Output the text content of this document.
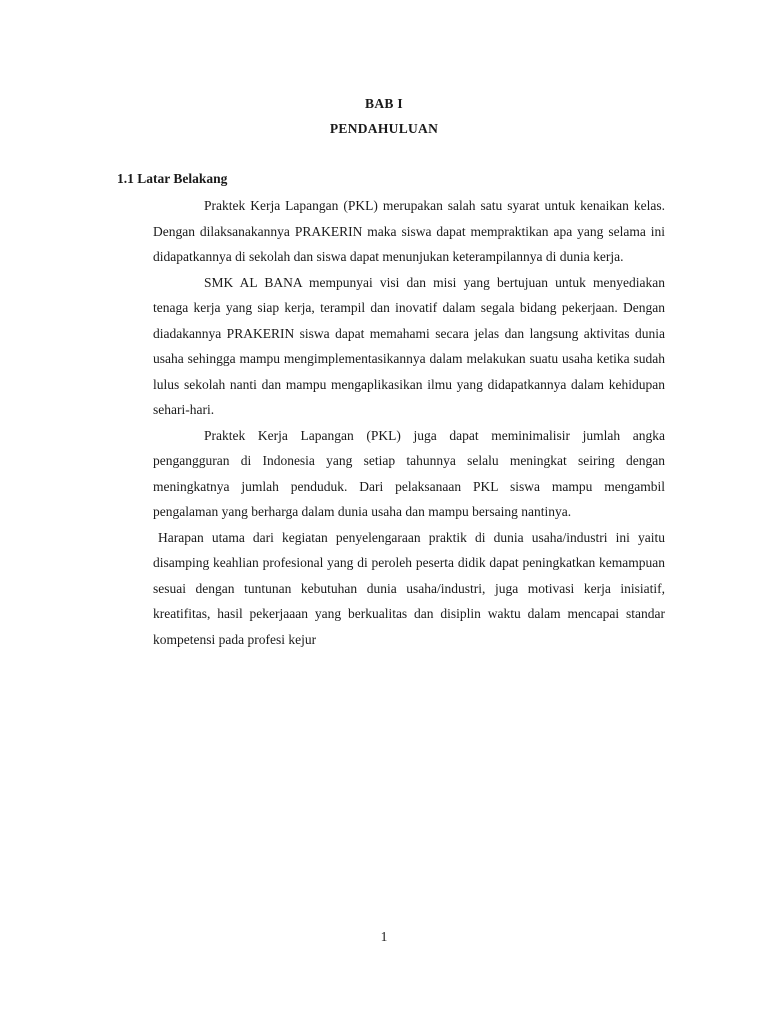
BAB I
PENDAHULUAN
1.1 Latar Belakang

Praktek Kerja Lapangan (PKL) merupakan salah satu syarat untuk kenaikan kelas. Dengan dilaksanakannya PRAKERIN maka siswa dapat mempraktikan apa yang selama ini didapatkannya di sekolah dan siswa dapat menunjukan keterampilannya di dunia kerja.

SMK AL BANA mempunyai visi dan misi yang bertujuan untuk menyediakan tenaga kerja yang siap kerja, terampil dan inovatif dalam segala bidang pekerjaan. Dengan diadakannya PRAKERIN siswa dapat memahami secara jelas dan langsung aktivitas dunia usaha sehingga mampu mengimplementasikannya dalam melakukan suatu usaha ketika sudah lulus sekolah nanti dan mampu mengaplikasikan ilmu yang didapatkannya dalam kehidupan sehari-hari.

Praktek Kerja Lapangan (PKL) juga dapat meminimalisir jumlah angka pengangguran di Indonesia yang setiap tahunnya selalu meningkat seiring dengan meningkatnya jumlah penduduk. Dari pelaksanaan PKL siswa mampu mengambil pengalaman yang berharga dalam dunia usaha dan mampu bersaing nantinya.

Harapan utama dari kegiatan penyelengaraan praktik di dunia usaha/industri ini yaitu disamping keahlian profesional yang di peroleh peserta didik dapat peningkatkan kemampuan sesuai dengan tuntunan kebutuhan dunia usaha/industri, juga motivasi kerja inisiatif, kreatifitas, hasil pekerjaaan yang berkualitas dan disiplin waktu dalam mencapai standar kompetensi pada profesi kejur

1
